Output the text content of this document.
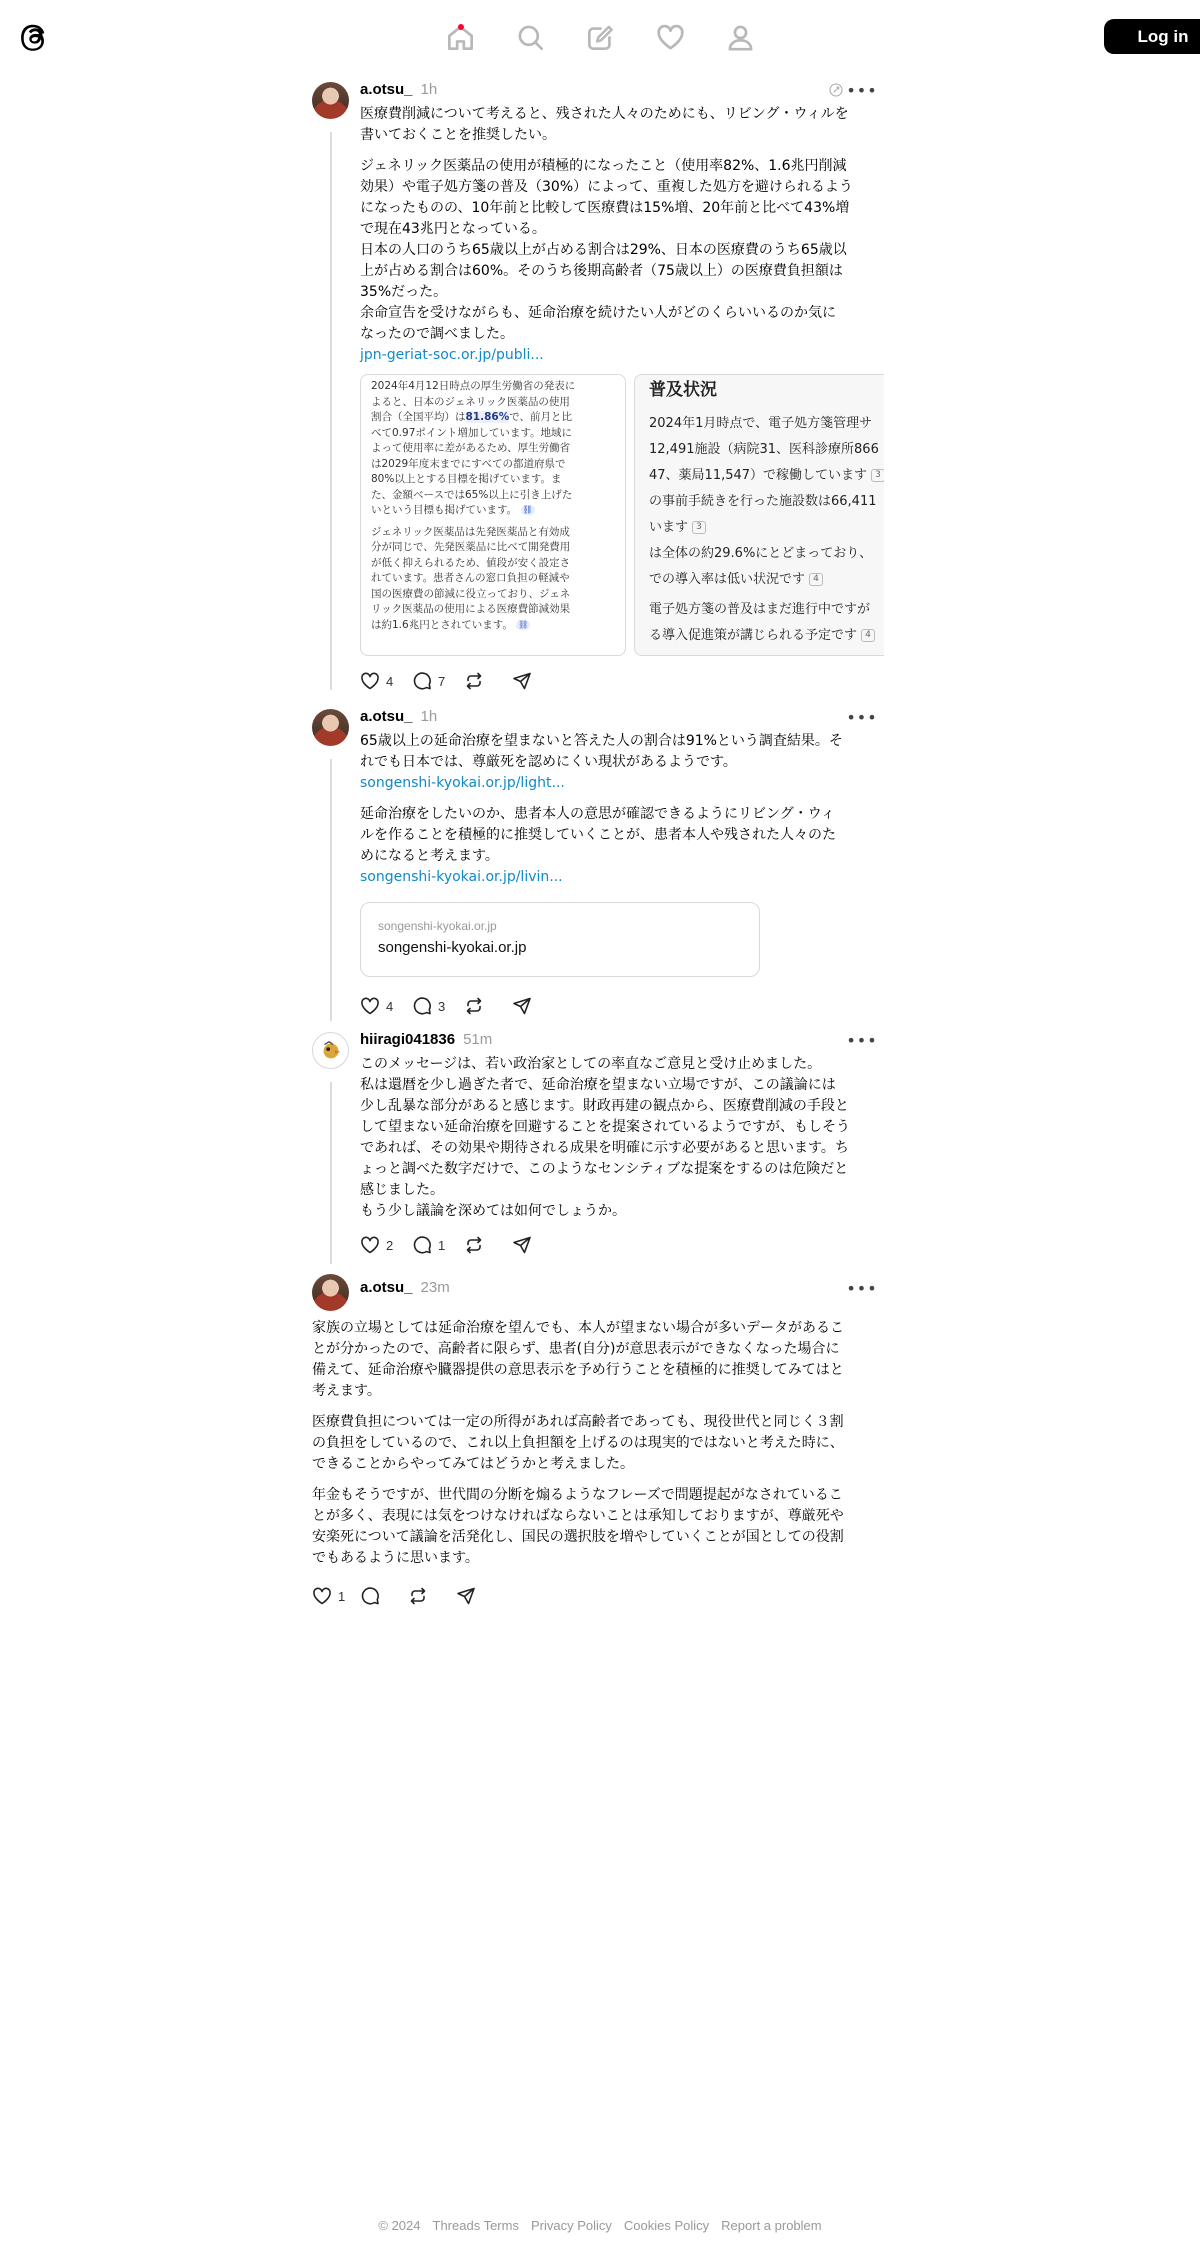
Log in
a.otsu_ 1h	•••
医療費削減について考えると、残された人々のためにも、リビング・ウィルを
書いておくことを推奨したい。
ジェネリック医薬品の使用が積極的になったこと（使用率82%、1.6兆円削減
効果）や電子処方箋の普及（30%）によって、重複した処方を避けられるよう
になったものの、10年前と比較して医療費は15%増、20年前と比べて43%増
で現在43兆円となっている。
日本の人口のうち65歳以上が占める割合は29%、日本の医療費のうち65歳以
上が占める割合は60%。そのうち後期高齢者（75歳以上）の医療費負担額は
35%だった。
余命宣告を受けながらも、延命治療を続けたい人がどのくらいいるのか気に
なったので調べました。
jpn-geriat-soc.or.jp/publi...

2024年4月12日時点の厚生労働省の発表に
よると、日本のジェネリック医薬品の使用
割合（全国平均）は81.86%で、前月と比
べて0.97ポイント増加しています。地域に
よって使用率に差があるため、厚生労働省
は2029年度末までにすべての都道府県で
80%以上とする目標を掲げています。ま
た、金額ベースでは65%以上に引き上げた
いという目標も掲げています。 ⛓

ジェネリック医薬品は先発医薬品と有効成
分が同じで、先発医薬品に比べて開発費用
が低く抑えられるため、値段が安く設定さ
れています。患者さんの窓口負担の軽減や
国の医療費の節減に役立っており、ジェネ
リック医薬品の使用による医療費節減効果
は約1.6兆円とされています。 ⛓

普及状況
2024年1月時点で、電子処方箋管理サ
12,491施設（病院31、医科診療所866
47、薬局11,547）で稼働しています 3
の事前手続きを行った施設数は66,411
います 3
は全体の約29.6%にとどまっており、
での導入率は低い状況です 4
電子処方箋の普及はまだ進行中ですが
る導入促進策が講じられる予定です 4
4	7
a.otsu_ 1h	•••
65歳以上の延命治療を望まないと答えた人の割合は91%という調査結果。そ
れでも日本では、尊厳死を認めにくい現状があるようです。
songenshi-kyokai.or.jp/light...
延命治療をしたいのか、患者本人の意思が確認できるようにリビング・ウィ
ルを作ることを積極的に推奨していくことが、患者本人や残された人々のた
めになると考えます。
songenshi-kyokai.or.jp/livin...
songenshi-kyokai.or.jp
songenshi-kyokai.or.jp
4	3
hiiragi041836 51m	•••
このメッセージは、若い政治家としての率直なご意見と受け止めました。
私は還暦を少し過ぎた者で、延命治療を望まない立場ですが、この議論には
少し乱暴な部分があると感じます。財政再建の観点から、医療費削減の手段と
して望まない延命治療を回避することを提案されているようですが、もしそう
であれば、その効果や期待される成果を明確に示す必要があると思います。ち
ょっと調べた数字だけで、このようなセンシティブな提案をするのは危険だと
感じました。
もう少し議論を深めては如何でしょうか。
2	1
a.otsu_ 23m	•••
家族の立場としては延命治療を望んでも、本人が望まない場合が多いデータがあるこ
とが分かったので、高齢者に限らず、患者(自分)が意思表示ができなくなった場合に
備えて、延命治療や臓器提供の意思表示を予め行うことを積極的に推奨してみてはと
考えます。
医療費負担については一定の所得があれば高齢者であっても、現役世代と同じく３割
の負担をしているので、これ以上負担額を上げるのは現実的ではないと考えた時に、
できることからやってみてはどうかと考えました。
年金もそうですが、世代間の分断を煽るようなフレーズで問題提起がなされているこ
とが多く、表現には気をつけなければならないことは承知しておりますが、尊厳死や
安楽死について議論を活発化し、国民の選択肢を増やしていくことが国としての役割
でもあるように思います。
1
© 2024 Threads Terms Privacy Policy Cookies Policy Report a problem
